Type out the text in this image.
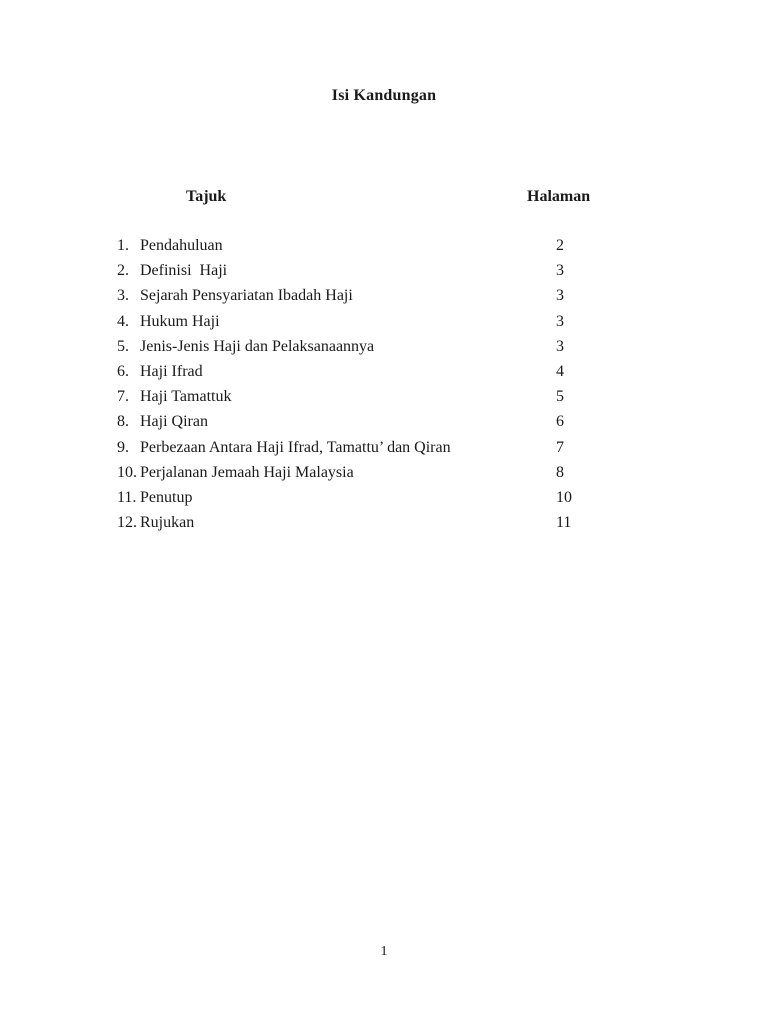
Isi Kandungan
Tajuk	Halaman
1. Pendahuluan	2
2. Definisi  Haji	3
3. Sejarah Pensyariatan Ibadah Haji	3
4. Hukum Haji	3
5. Jenis-Jenis Haji dan Pelaksanaannya	3
6. Haji Ifrad	4
7. Haji Tamattuk	5
8. Haji Qiran	6
9. Perbezaan Antara Haji Ifrad, Tamattu’ dan Qiran	7
10. Perjalanan Jemaah Haji Malaysia	8
11. Penutup	10
12. Rujukan	11
1
